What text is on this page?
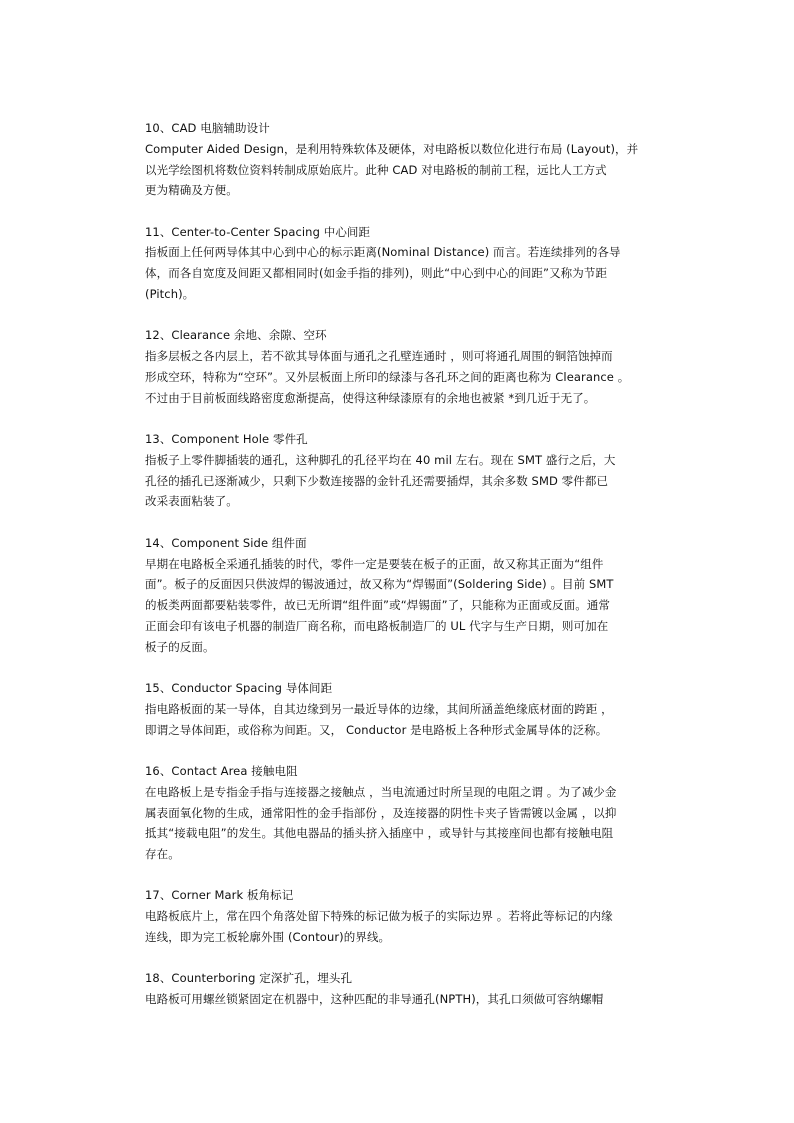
10、CAD 电脑辅助设计
Computer Aided Design，是利用特殊软体及硬体，对电路板以数位化进行布局 (Layout)，并
以光学绘图机将数位资料转制成原始底片。此种 CAD 对电路板的制前工程，远比人工方式
更为精确及方便。
11、Center-to-Center Spacing 中心间距
指板面上任何两导体其中心到中心的标示距离(Nominal Distance) 而言。若连续排列的各导
体，而各自宽度及间距又都相同时(如金手指的排列)，则此“中心到中心的间距”又称为节距
(Pitch)。
12、Clearance 余地、余隙、空环
指多层板之各内层上，若不欲其导体面与通孔之孔壁连通时 ，则可将通孔周围的铜箔蚀掉而
形成空环，特称为“空环”。又外层板面上所印的绿漆与各孔环之间的距离也称为 Clearance 。
不过由于目前板面线路密度愈渐提高，使得这种绿漆原有的余地也被紧 *到几近于无了。
13、Component Hole 零件孔
指板子上零件脚插装的通孔，这种脚孔的孔径平均在 40 mil 左右。现在 SMT 盛行之后，大
孔径的插孔已逐渐减少，只剩下少数连接器的金针孔还需要插焊，其余多数 SMD 零件都已
改采表面粘装了。
14、Component Side 组件面
早期在电路板全采通孔插装的时代，零件一定是要装在板子的正面，故又称其正面为“组件
面”。板子的反面因只供波焊的锡波通过，故又称为“焊锡面”(Soldering Side) 。目前 SMT
的板类两面都要粘装零件，故已无所谓“组件面”或“焊锡面”了，只能称为正面或反面。通常
正面会印有该电子机器的制造厂商名称，而电路板制造厂的 UL 代字与生产日期，则可加在
板子的反面。
15、Conductor Spacing 导体间距
指电路板面的某一导体，自其边缘到另一最近导体的边缘，其间所涵盖绝缘底材面的跨距 ，
即谓之导体间距，或俗称为间距。又， Conductor 是电路板上各种形式金属导体的泛称。
16、Contact Area 接触电阻
在电路板上是专指金手指与连接器之接触点 ，当电流通过时所呈现的电阻之谓 。为了减少金
属表面氧化物的生成，通常阳性的金手指部份 ，及连接器的阴性卡夹子皆需镀以金属 ，以抑
抵其“接载电阻”的发生。其他电器品的插头挤入插座中 ，或导针与其接座间也都有接触电阻
存在。
17、Corner Mark 板角标记
电路板底片上，常在四个角落处留下特殊的标记做为板子的实际边界 。若将此等标记的内缘
连线，即为完工板轮廓外围 (Contour)的界线。
18、Counterboring 定深扩孔，埋头孔
电路板可用螺丝锁紧固定在机器中，这种匹配的非导通孔(NPTH)，其孔口须做可容纳螺帽
